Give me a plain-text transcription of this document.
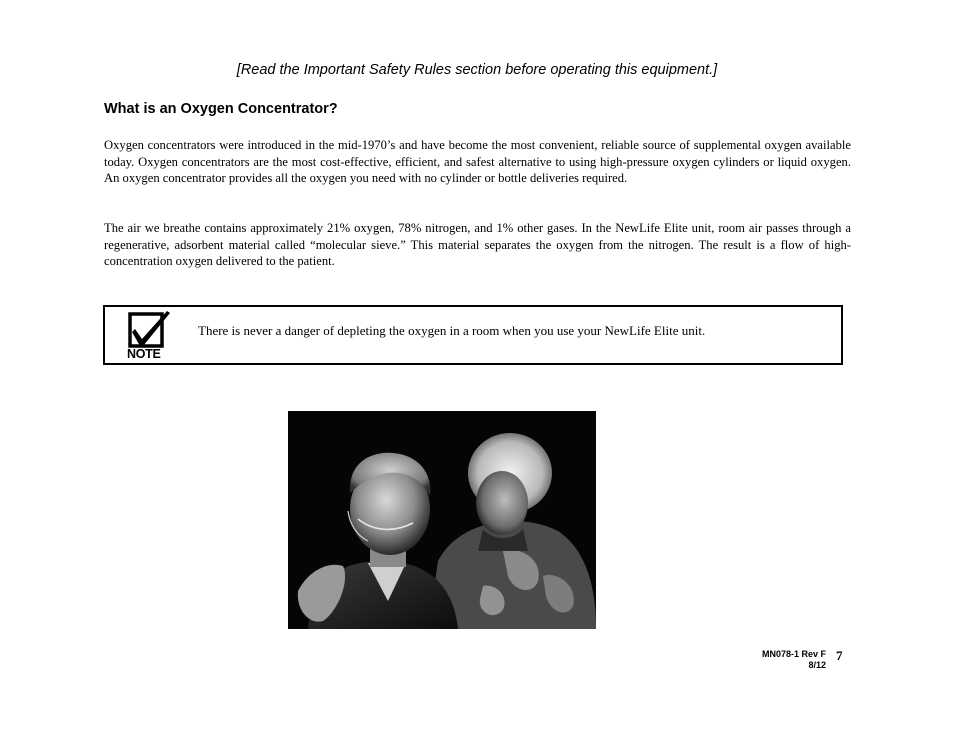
[Read the Important Safety Rules section before operating this equipment.]
What is an Oxygen Concentrator?

Oxygen concentrators were introduced in the mid-1970’s and have become the most convenient, reliable source of supplemental oxygen available today. Oxygen concentrators are the most cost-effective, efficient, and safest alternative to using high-pressure oxygen cylinders or liquid oxygen. An oxygen concentrator provides all the oxygen you need with no cylinder or bottle deliveries required.

The air we breathe contains approximately 21% oxygen, 78% nitrogen, and 1% other gases. In the NewLife Elite unit, room air passes through a regenerative, adsorbent material called “molecular sieve.” This material separates the oxygen from the nitrogen. The result is a flow of high-concentration oxygen delivered to the patient.

NOTE
There is never a danger of depleting the oxygen in a room when you use your NewLife Elite unit.
MN078-1 Rev F
8/12
7
